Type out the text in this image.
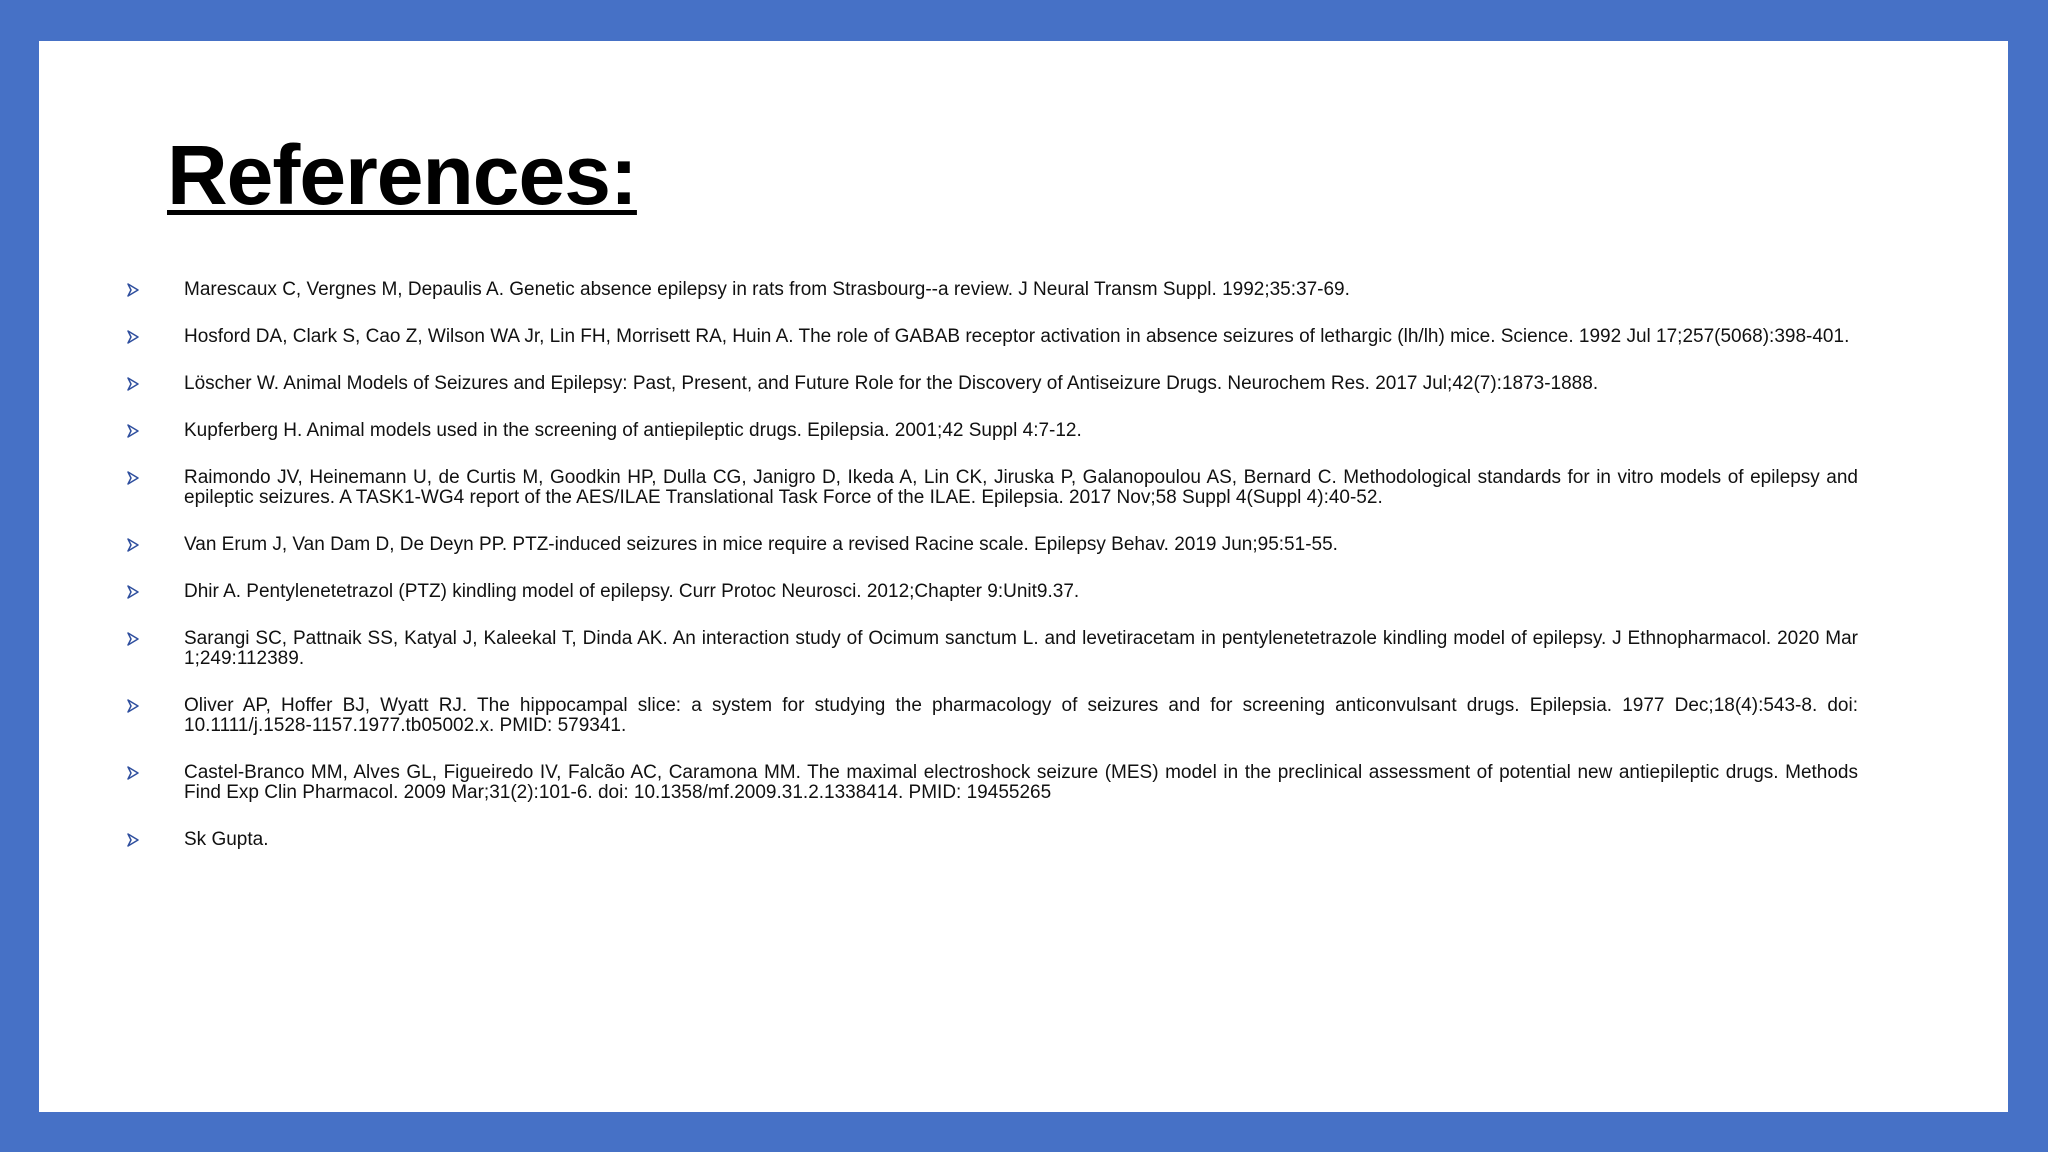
References:
Marescaux C, Vergnes M, Depaulis A. Genetic absence epilepsy in rats from Strasbourg--a review. J Neural Transm Suppl. 1992;35:37-69.
Hosford DA, Clark S, Cao Z, Wilson WA Jr, Lin FH, Morrisett RA, Huin A. The role of GABAB receptor activation in absence seizures of lethargic (lh/lh) mice. Science. 1992 Jul 17;257(5068):398-401.
Löscher W. Animal Models of Seizures and Epilepsy: Past, Present, and Future Role for the Discovery of Antiseizure Drugs. Neurochem Res. 2017 Jul;42(7):1873-1888.
Kupferberg H. Animal models used in the screening of antiepileptic drugs. Epilepsia. 2001;42 Suppl 4:7-12.
Raimondo JV, Heinemann U, de Curtis M, Goodkin HP, Dulla CG, Janigro D, Ikeda A, Lin CK, Jiruska P, Galanopoulou AS, Bernard C. Methodological standards for in vitro models of epilepsy and epileptic seizures. A TASK1-WG4 report of the AES/ILAE Translational Task Force of the ILAE. Epilepsia. 2017 Nov;58 Suppl 4(Suppl 4):40-52.
Van Erum J, Van Dam D, De Deyn PP. PTZ-induced seizures in mice require a revised Racine scale. Epilepsy Behav. 2019 Jun;95:51-55.
Dhir A. Pentylenetetrazol (PTZ) kindling model of epilepsy. Curr Protoc Neurosci. 2012;Chapter 9:Unit9.37.
Sarangi SC, Pattnaik SS, Katyal J, Kaleekal T, Dinda AK. An interaction study of Ocimum sanctum L. and levetiracetam in pentylenetetrazole kindling model of epilepsy. J Ethnopharmacol. 2020 Mar 1;249:112389.
Oliver AP, Hoffer BJ, Wyatt RJ. The hippocampal slice: a system for studying the pharmacology of seizures and for screening anticonvulsant drugs. Epilepsia. 1977 Dec;18(4):543-8. doi: 10.1111/j.1528-1157.1977.tb05002.x. PMID: 579341.
Castel-Branco MM, Alves GL, Figueiredo IV, Falcão AC, Caramona MM. The maximal electroshock seizure (MES) model in the preclinical assessment of potential new antiepileptic drugs. Methods Find Exp Clin Pharmacol. 2009 Mar;31(2):101-6. doi: 10.1358/mf.2009.31.2.1338414. PMID: 19455265
Sk Gupta.
